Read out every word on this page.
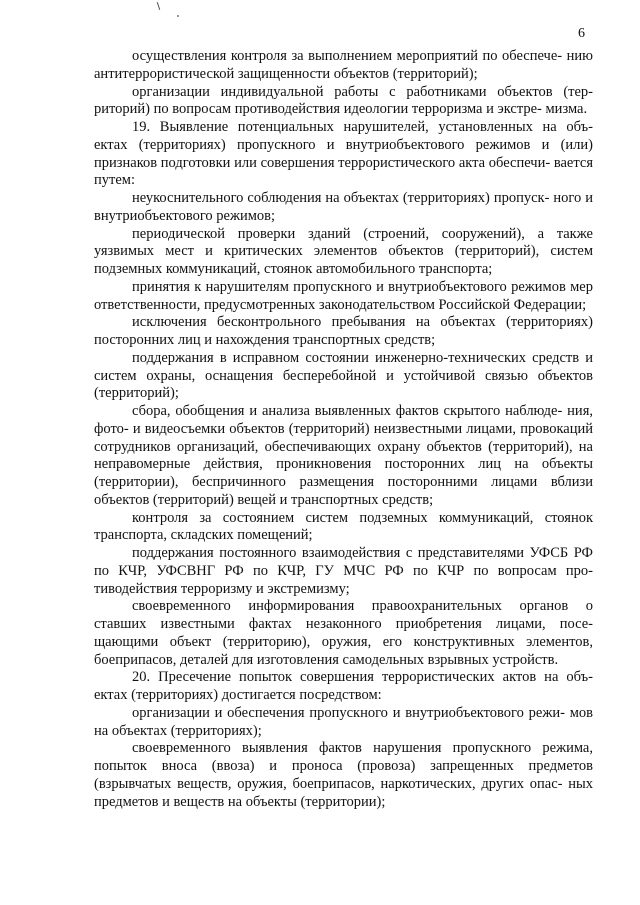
6

осуществления контроля за выполнением мероприятий по обеспече- нию антитеррористической защищенности объектов (территорий);

организации индивидуальной работы с работниками объектов (тер- риторий) по вопросам противодействия идеологии терроризма и экстре- мизма.

19. Выявление потенциальных нарушителей, установленных на объ- ектах (территориях) пропускного и внутриобъектового режимов и (или) признаков подготовки или совершения террористического акта обеспечи- вается путем:

неукоснительного соблюдения на объектах (территориях) пропуск- ного и внутриобъектового режимов;

периодической проверки зданий (строений, сооружений), а также уязвимых мест и критических элементов объектов (территорий), систем подземных коммуникаций, стоянок автомобильного транспорта;

принятия к нарушителям пропускного и внутриобъектового режимов мер ответственности, предусмотренных законодательством Российской Федерации;

исключения бесконтрольного пребывания на объектах (территориях) посторонних лиц и нахождения транспортных средств;

поддержания в исправном состоянии инженерно-технических средств и систем охраны, оснащения бесперебойной и устойчивой связью объектов (территорий);

сбора, обобщения и анализа выявленных фактов скрытого наблюде- ния, фото- и видеосъемки объектов (территорий) неизвестными лицами, провокаций сотрудников организаций, обеспечивающих охрану объектов (территорий), на неправомерные действия, проникновения посторонних лиц на объекты (территории), беспричинного размещения посторонними лицами вблизи объектов (территорий) вещей и транспортных средств;

контроля за состоянием систем подземных коммуникаций, стоянок транспорта, складских помещений;

поддержания постоянного взаимодействия с представителями УФСБ РФ по КЧР, УФСВНГ РФ по КЧР, ГУ МЧС РФ по КЧР по вопросам про- тиводействия терроризму и экстремизму;

своевременного информирования правоохранительных органов о ставших известными фактах незаконного приобретения лицами, посе- щающими объект (территорию), оружия, его конструктивных элементов, боеприпасов, деталей для изготовления самодельных взрывных устройств.

20. Пресечение попыток совершения террористических актов на объ- ектах (территориях) достигается посредством:

организации и обеспечения пропускного и внутриобъектового режи- мов на объектах (территориях);

своевременного выявления фактов нарушения пропускного режима, попыток вноса (ввоза) и проноса (провоза) запрещенных предметов (взрывчатых веществ, оружия, боеприпасов, наркотических, других опас- ных предметов и веществ на объекты (территории);
